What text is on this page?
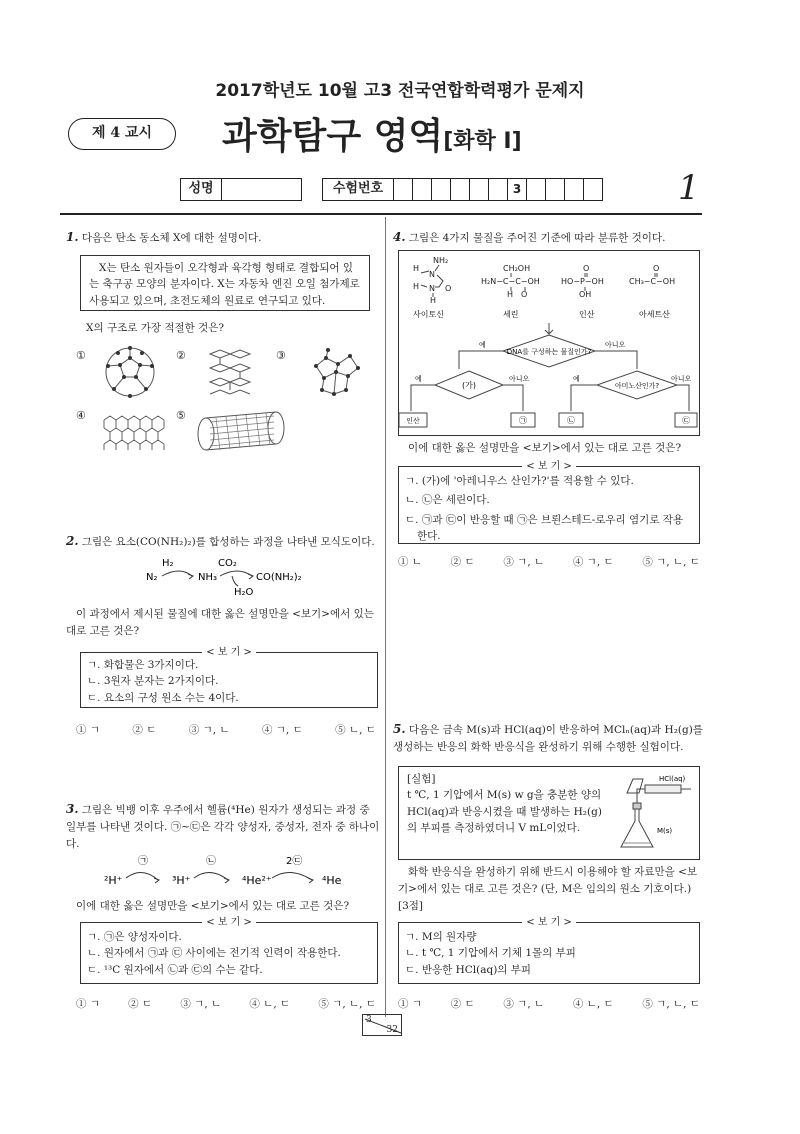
2017학년도 10월 고3 전국연합학력평가 문제지
제 4 교시	과학탐구 영역[화학 Ⅰ]
성명	수험번호	3	1
1. 다음은 탄소 동소체 X에 대한 설명이다.
X는 탄소 원자들이 오각형과 육각형 형태로 결합되어 있는 축구공 모양의 분자이다. X는 자동차 엔진 오일 첨가제로 사용되고 있으며, 초전도체의 원료로 연구되고 있다.
X의 구조로 가장 적절한 것은?
①	②	③
④	⑤
2. 그림은 요소(CO(NH₂)₂)를 합성하는 과정을 나타낸 모식도이다.
H₂	CO₂
N₂	NH₃	CO(NH₂)₂
H₂O
이 과정에서 제시된 물질에 대한 옳은 설명만을 <보기>에서 있는 대로 고른 것은?
< 보 기 >
ㄱ. 화합물은 3가지이다.
ㄴ. 3원자 분자는 2가지이다.
ㄷ. 요소의 구성 원소 수는 4이다.
① ㄱ	② ㄷ	③ ㄱ, ㄴ	④ ㄱ, ㄷ	⑤ ㄴ, ㄷ
3. 그림은 빅뱅 이후 우주에서 헬륨(⁴He) 원자가 생성되는 과정 중 일부를 나타낸 것이다. ㉠~㉢은 각각 양성자, 중성자, 전자 중 하나이다.
㉠	㉡	2㉢
²H⁺	³H⁺	⁴He²⁺	⁴He
이에 대한 옳은 설명만을 <보기>에서 있는 대로 고른 것은?
< 보 기 >
ㄱ. ㉠은 양성자이다.
ㄴ. 원자에서 ㉠과 ㉢ 사이에는 전기적 인력이 작용한다.
ㄷ. ¹³C 원자에서 ㉡과 ㉢의 수는 같다.
① ㄱ	② ㄷ	③ ㄱ, ㄴ	④ ㄴ, ㄷ	⑤ ㄱ, ㄴ, ㄷ
4. 그림은 4가지 물질을 주어진 기준에 따라 분류한 것이다.
H
NH₂
N
H N O
H
CH₂OH
H₂N−C−C−OH
H O
O
HO−P−OH
OH
O
CH₃−C−OH
사이토신	세린	인산	아세트산
DNA를 구성하는 물질인가?
예	아니오
(가)	아미노산인가?
예	아니오	예	아니오
인산	㉠	㉡	㉢
이에 대한 옳은 설명만을 <보기>에서 있는 대로 고른 것은?
< 보 기 >
ㄱ. (가)에 '아레니우스 산인가?'를 적용할 수 있다.
ㄴ. ㉡은 세린이다.
ㄷ. ㉠과 ㉢이 반응할 때 ㉠은 브뢴스테드-로우리 염기로 작용한다.
① ㄴ	② ㄷ	③ ㄱ, ㄴ	④ ㄱ, ㄷ	⑤ ㄱ, ㄴ, ㄷ
5. 다음은 금속 M(s)과 HCl(aq)이 반응하여 MClₙ(aq)과 H₂(g)를 생성하는 반응의 화학 반응식을 완성하기 위해 수행한 실험이다.
[실험]
t ℃, 1 기압에서 M(s) w g을 충분한 양의 HCl(aq)과 반응시켰을 때 발생하는 H₂(g)의 부피를 측정하였더니 V mL이었다.
HCl(aq)
M(s)
화학 반응식을 완성하기 위해 반드시 이용해야 할 자료만을 <보기>에서 있는 대로 고른 것은? (단, M은 임의의 원소 기호이다.) [3점]
< 보 기 >
ㄱ. M의 원자량
ㄴ. t ℃, 1 기압에서 기체 1몰의 부피
ㄷ. 반응한 HCl(aq)의 부피
① ㄱ	② ㄷ	③ ㄱ, ㄴ	④ ㄴ, ㄷ	⑤ ㄱ, ㄴ, ㄷ
3
32
